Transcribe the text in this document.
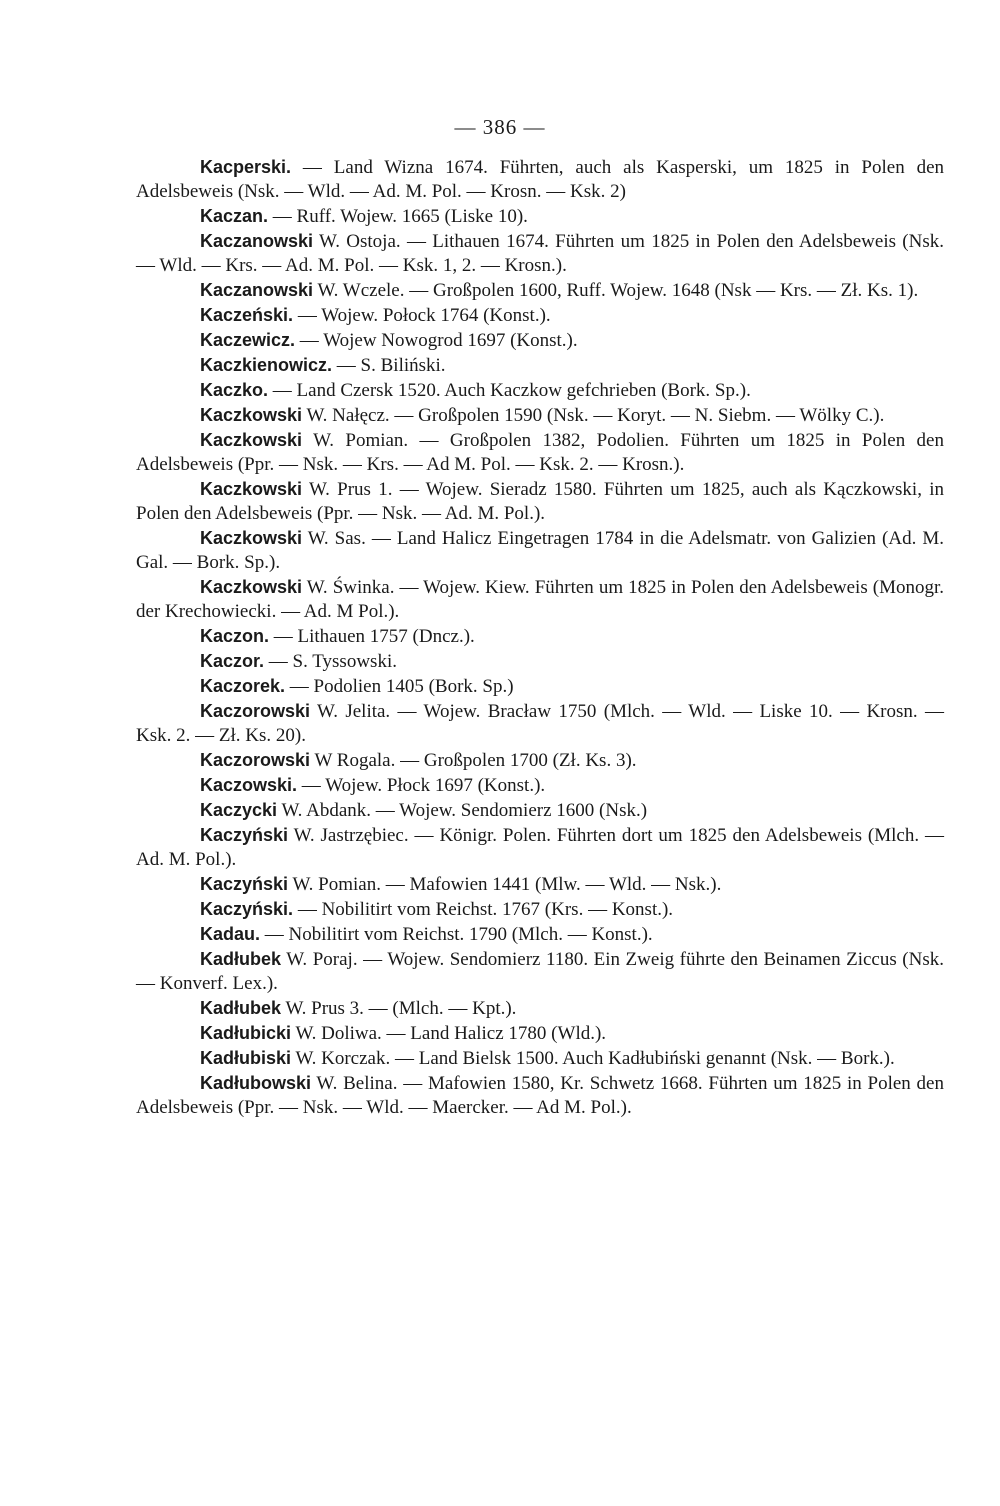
— 386 —

Kacperski. — Land Wizna 1674. Führten, auch als Kasperski, um 1825 in Polen den Adelsbeweis (Nsk. — Wld. — Ad. M. Pol. — Krosn. — Ksk. 2)

Kaczan. — Ruff. Wojew. 1665 (Liske 10).

Kaczanowski W. Ostoja. — Lithauen 1674. Führten um 1825 in Polen den Adelsbeweis (Nsk. — Wld. — Krs. — Ad. M. Pol. — Ksk. 1, 2. — Krosn.).

Kaczanowski W. Wczele. — Großpolen 1600, Ruff. Wojew. 1648 (Nsk — Krs. — Zł. Ks. 1).

Kaczeński. — Wojew. Połock 1764 (Konst.).

Kaczewicz. — Wojew Nowogrod 1697 (Konst.).

Kaczkienowicz. — S. Biliński.

Kaczko. — Land Czersk 1520. Auch Kaczkow gefchrieben (Bork. Sp.).

Kaczkowski W. Nałęcz. — Großpolen 1590 (Nsk. — Koryt. — N. Siebm. — Wölky C.).

Kaczkowski W. Pomian. — Großpolen 1382, Podolien. Führten um 1825 in Polen den Adelsbeweis (Ppr. — Nsk. — Krs. — Ad M. Pol. — Ksk. 2. — Krosn.).

Kaczkowski W. Prus 1. — Wojew. Sieradz 1580. Führten um 1825, auch als Kączkowski, in Polen den Adelsbeweis (Ppr. — Nsk. — Ad. M. Pol.).

Kaczkowski W. Sas. — Land Halicz Eingetragen 1784 in die Adelsmatr. von Galizien (Ad. M. Gal. — Bork. Sp.).

Kaczkowski W. Świnka. — Wojew. Kiew. Führten um 1825 in Polen den Adelsbeweis (Monogr. der Krechowiecki. — Ad. M Pol.).

Kaczon. — Lithauen 1757 (Dncz.).

Kaczor. — S. Tyssowski.

Kaczorek. — Podolien 1405 (Bork. Sp.)

Kaczorowski W. Jelita. — Wojew. Bracław 1750 (Mlch. — Wld. — Liske 10. — Krosn. — Ksk. 2. — Zł. Ks. 20).

Kaczorowski W Rogala. — Großpolen 1700 (Zł. Ks. 3).

Kaczowski. — Wojew. Płock 1697 (Konst.).

Kaczycki W. Abdank. — Wojew. Sendomierz 1600 (Nsk.)

Kaczyński W. Jastrzębiec. — Königr. Polen. Führten dort um 1825 den Adelsbeweis (Mlch. — Ad. M. Pol.).

Kaczyński W. Pomian. — Mafowien 1441 (Mlw. — Wld. — Nsk.).

Kaczyński. — Nobilitirt vom Reichst. 1767 (Krs. — Konst.).

Kadau. — Nobilitirt vom Reichst. 1790 (Mlch. — Konst.).

Kadłubek W. Poraj. — Wojew. Sendomierz 1180. Ein Zweig führte den Beinamen Ziccus (Nsk. — Konverf. Lex.).

Kadłubek W. Prus 3. — (Mlch. — Kpt.).

Kadłubicki W. Doliwa. — Land Halicz 1780 (Wld.).

Kadłubiski W. Korczak. — Land Bielsk 1500. Auch Kadłubiński genannt (Nsk. — Bork.).

Kadłubowski W. Belina. — Mafowien 1580, Kr. Schwetz 1668. Führten um 1825 in Polen den Adelsbeweis (Ppr. — Nsk. — Wld. — Maercker. — Ad M. Pol.).
